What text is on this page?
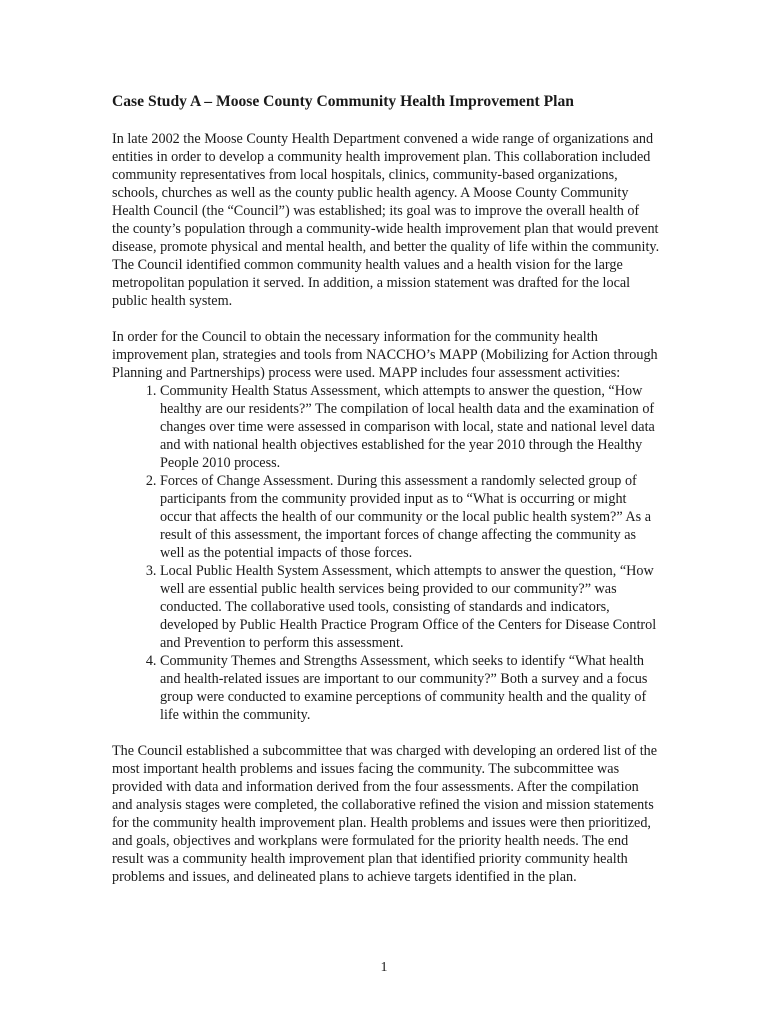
Case Study A – Moose County Community Health Improvement Plan

In late 2002 the Moose County Health Department convened a wide range of organizations and entities in order to develop a community health improvement plan. This collaboration included community representatives from local hospitals, clinics, community-based organizations, schools, churches as well as the county public health agency. A Moose County Community Health Council (the “Council”) was established; its goal was to improve the overall health of the county’s population through a community-wide health improvement plan that would prevent disease, promote physical and mental health, and better the quality of life within the community. The Council identified common community health values and a health vision for the large metropolitan population it served. In addition, a mission statement was drafted for the local public health system.

In order for the Council to obtain the necessary information for the community health improvement plan, strategies and tools from NACCHO’s MAPP (Mobilizing for Action through Planning and Partnerships) process were used. MAPP includes four assessment activities:

1. Community Health Status Assessment, which attempts to answer the question, “How healthy are our residents?” The compilation of local health data and the examination of changes over time were assessed in comparison with local, state and national level data and with national health objectives established for the year 2010 through the Healthy People 2010 process.
2. Forces of Change Assessment. During this assessment a randomly selected group of participants from the community provided input as to “What is occurring or might occur that affects the health of our community or the local public health system?” As a result of this assessment, the important forces of change affecting the community as well as the potential impacts of those forces.
3. Local Public Health System Assessment, which attempts to answer the question, “How well are essential public health services being provided to our community?” was conducted. The collaborative used tools, consisting of standards and indicators, developed by Public Health Practice Program Office of the Centers for Disease Control and Prevention to perform this assessment.
4. Community Themes and Strengths Assessment, which seeks to identify “What health and health-related issues are important to our community?” Both a survey and a focus group were conducted to examine perceptions of community health and the quality of life within the community.

The Council established a subcommittee that was charged with developing an ordered list of the most important health problems and issues facing the community. The subcommittee was provided with data and information derived from the four assessments. After the compilation and analysis stages were completed, the collaborative refined the vision and mission statements for the community health improvement plan. Health problems and issues were then prioritized, and goals, objectives and workplans were formulated for the priority health needs. The end result was a community health improvement plan that identified priority community health problems and issues, and delineated plans to achieve targets identified in the plan.

1
